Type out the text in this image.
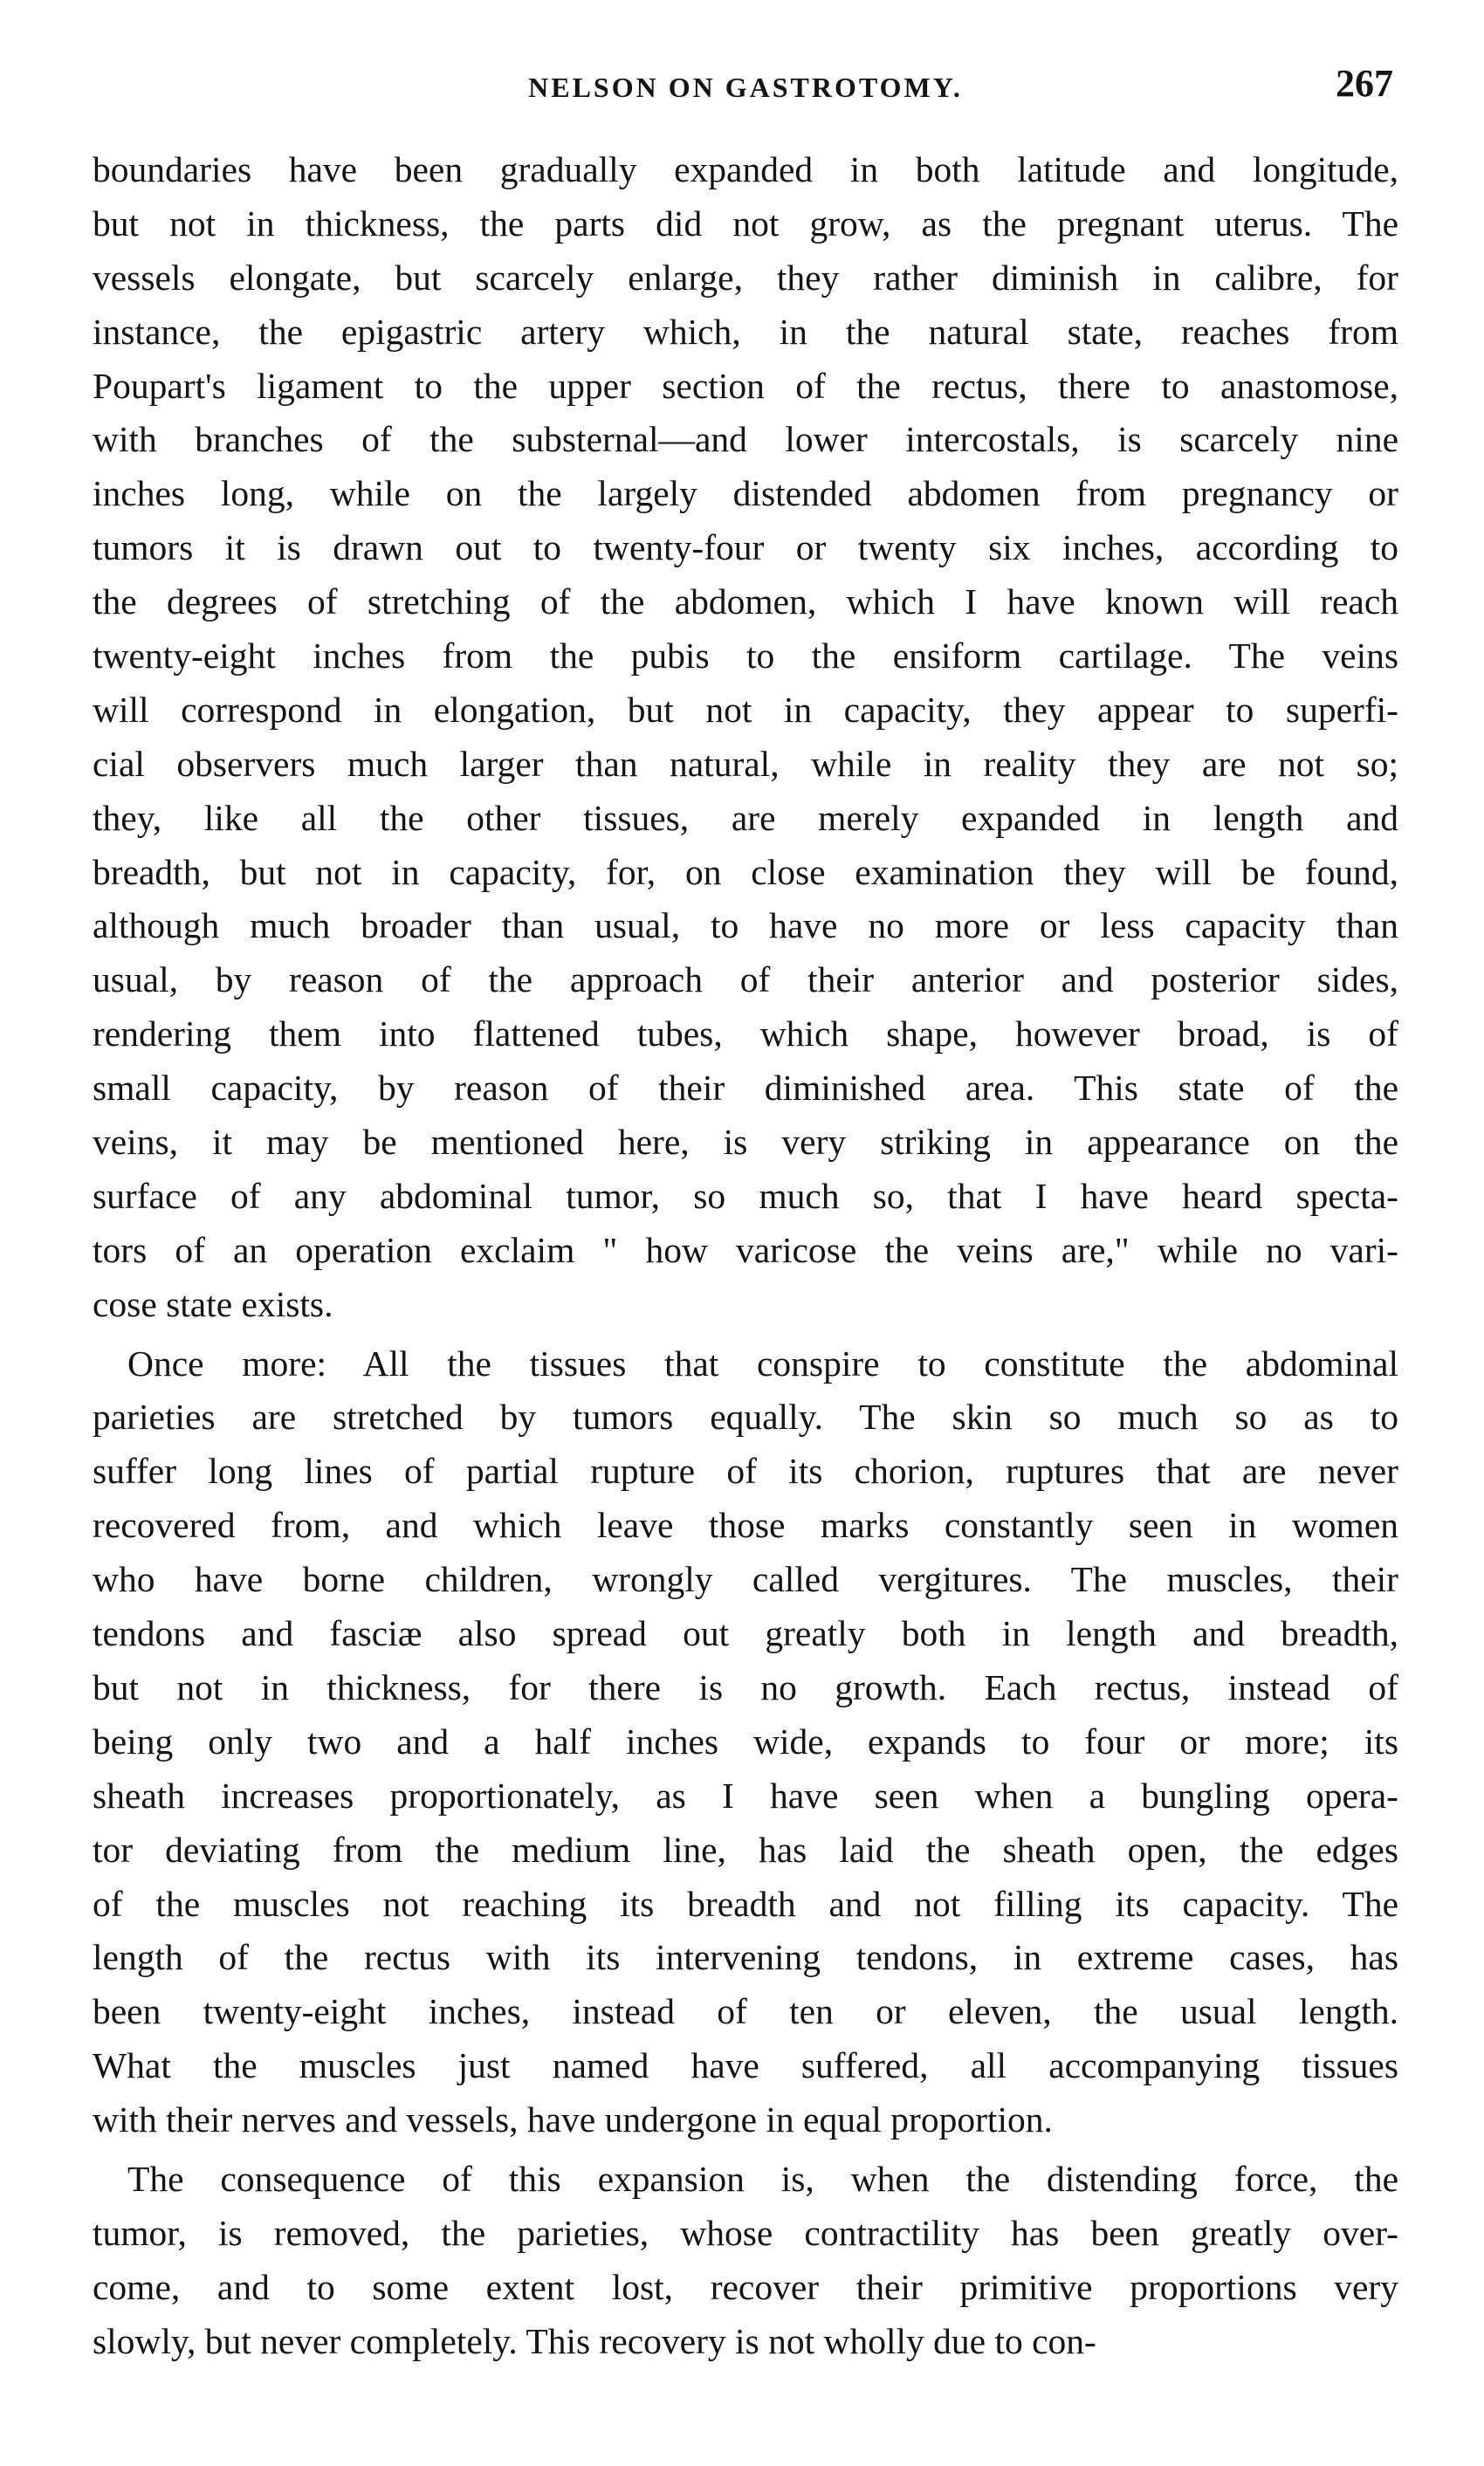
NELSON ON GASTROTOMY.	267
boundaries have been gradually expanded in both latitude and longitude,
but not in thickness, the parts did not grow, as the pregnant uterus. The
vessels elongate, but scarcely enlarge, they rather diminish in calibre, for
instance, the epigastric artery which, in the natural state, reaches from
Poupart's ligament to the upper section of the rectus, there to anastomose,
with branches of the substernal—and lower intercostals, is scarcely nine
inches long, while on the largely distended abdomen from pregnancy or
tumors it is drawn out to twenty-four or twenty six inches, according to
the degrees of stretching of the abdomen, which I have known will reach
twenty-eight inches from the pubis to the ensiform cartilage. The veins
will correspond in elongation, but not in capacity, they appear to superfi-
cial observers much larger than natural, while in reality they are not so;
they, like all the other tissues, are merely expanded in length and
breadth, but not in capacity, for, on close examination they will be found,
although much broader than usual, to have no more or less capacity than
usual, by reason of the approach of their anterior and posterior sides,
rendering them into flattened tubes, which shape, however broad, is of
small capacity, by reason of their diminished area. This state of the
veins, it may be mentioned here, is very striking in appearance on the
surface of any abdominal tumor, so much so, that I have heard specta-
tors of an operation exclaim " how varicose the veins are," while no vari-
cose state exists.
Once more: All the tissues that conspire to constitute the abdominal
parieties are stretched by tumors equally. The skin so much so as to
suffer long lines of partial rupture of its chorion, ruptures that are never
recovered from, and which leave those marks constantly seen in women
who have borne children, wrongly called vergitures. The muscles, their
tendons and fasciæ also spread out greatly both in length and breadth,
but not in thickness, for there is no growth. Each rectus, instead of
being only two and a half inches wide, expands to four or more; its
sheath increases proportionately, as I have seen when a bungling opera-
tor deviating from the medium line, has laid the sheath open, the edges
of the muscles not reaching its breadth and not filling its capacity. The
length of the rectus with its intervening tendons, in extreme cases, has
been twenty-eight inches, instead of ten or eleven, the usual length.
What the muscles just named have suffered, all accompanying tissues
with their nerves and vessels, have undergone in equal proportion.
The consequence of this expansion is, when the distending force, the
tumor, is removed, the parieties, whose contractility has been greatly over-
come, and to some extent lost, recover their primitive proportions very
slowly, but never completely. This recovery is not wholly due to con-
